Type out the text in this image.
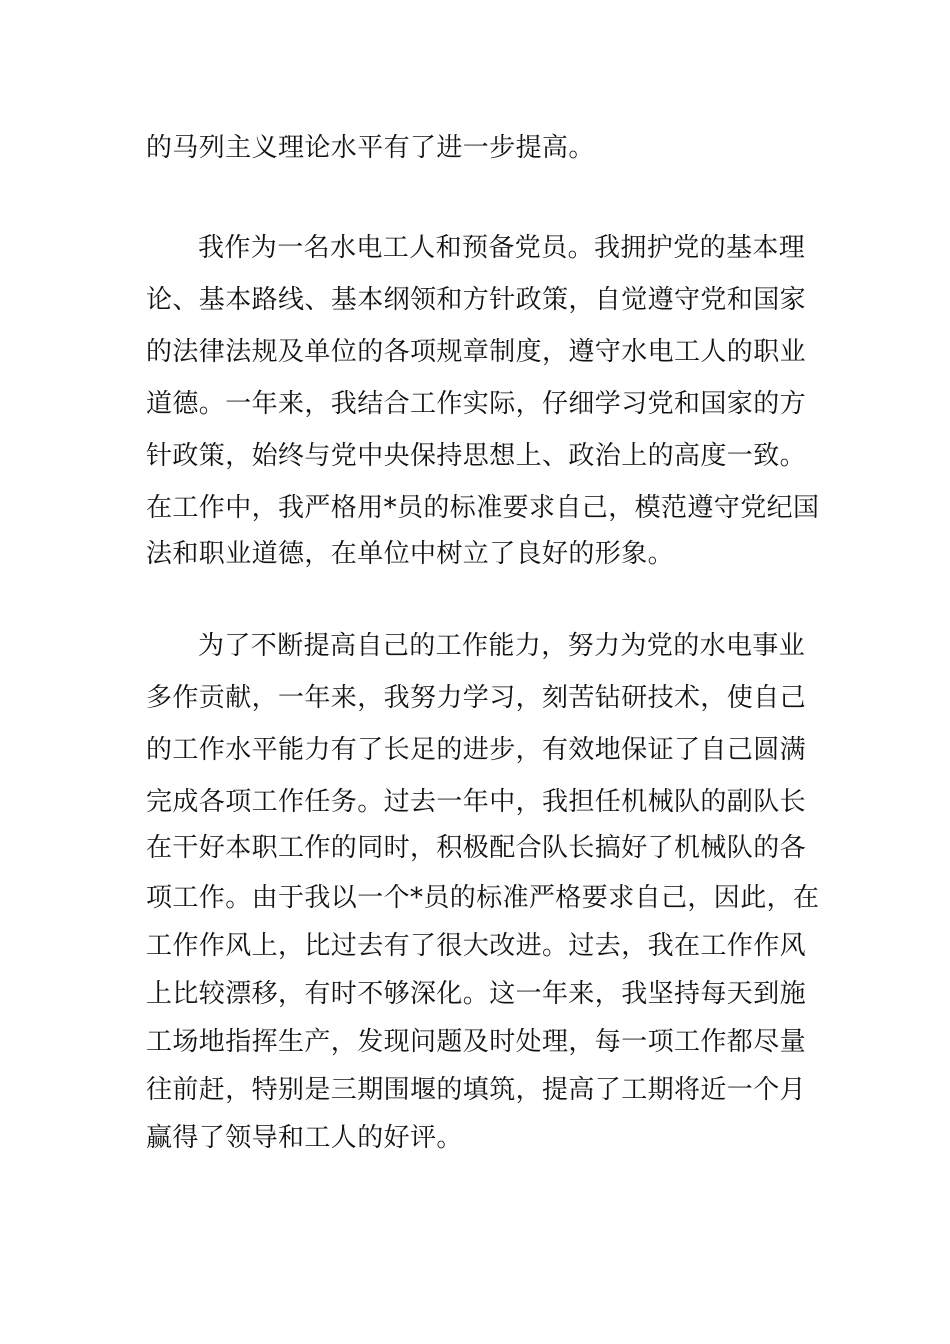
的马列主义理论水平有了进一步提高。
我作为一名水电工人和预备党员。我拥护党的基本理
论、基本路线、基本纲领和方针政策，自觉遵守党和国家
的法律法规及单位的各项规章制度，遵守水电工人的职业
道德。一年来，我结合工作实际，仔细学习党和国家的方
针政策，始终与党中央保持思想上、政治上的高度一致。
在工作中，我严格用*员的标准要求自己，模范遵守党纪国
法和职业道德，在单位中树立了良好的形象。
为了不断提高自己的工作能力，努力为党的水电事业
多作贡献，一年来，我努力学习，刻苦钻研技术，使自己
的工作水平能力有了长足的进步，有效地保证了自己圆满
完成各项工作任务。过去一年中，我担任机械队的副队长
在干好本职工作的同时，积极配合队长搞好了机械队的各
项工作。由于我以一个*员的标准严格要求自己，因此，在
工作作风上，比过去有了很大改进。过去，我在工作作风
上比较漂移，有时不够深化。这一年来，我坚持每天到施
工场地指挥生产，发现问题及时处理，每一项工作都尽量
往前赶，特别是三期围堰的填筑，提高了工期将近一个月
赢得了领导和工人的好评。
